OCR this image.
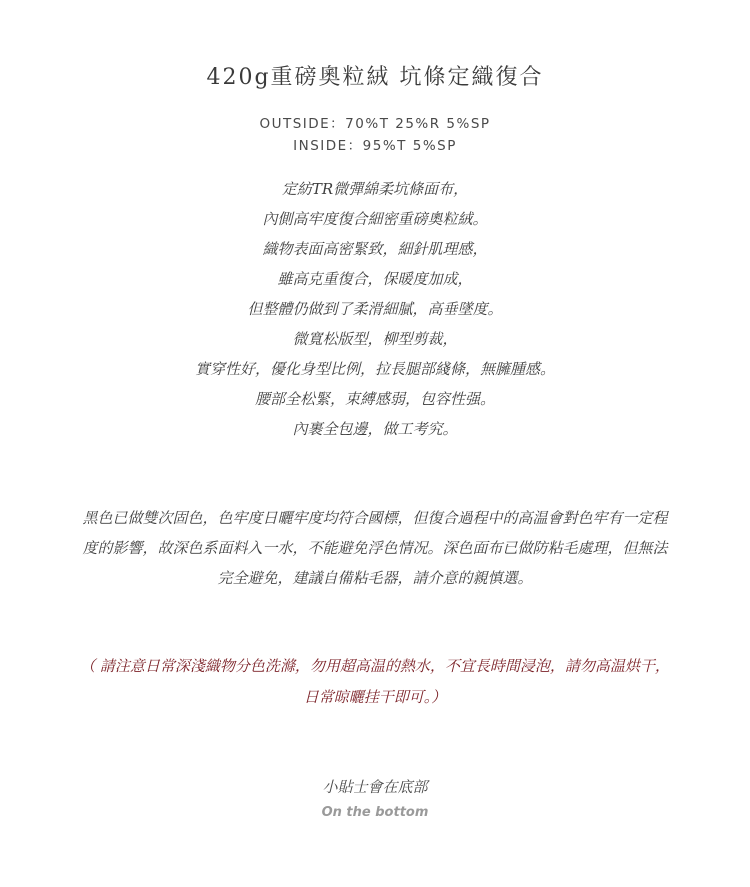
420g重磅奧粒絨 坑條定織復合
OUTSIDE：70%T 25%R 5%SP
INSIDE：95%T 5%SP
定紡TR微彈綿柔坑條面布，
內側高牢度復合細密重磅奧粒絨。
織物表面高密緊致，細針肌理感，
雖高克重復合，保暖度加成，
但整體仍做到了柔滑細膩，高垂墜度。
微寬松版型，柳型剪裁，
實穿性好，優化身型比例，拉長腿部綫條，無臃腫感。
腰部全松緊，束縛感弱，包容性强。
內裹全包邊，做工考究。
黑色已做雙次固色，色牢度日曬牢度均符合國標，但復合過程中的高温會對色牢有一定程
度的影響，故深色系面料入一水，不能避免浮色情况。深色面布已做防粘毛處理，但無法
完全避免，建議自備粘毛器，請介意的親慎選。
（ 請注意日常深淺織物分色洗滌，勿用超高温的熱水，不宜長時間浸泡，請勿高温烘干，
日常晾曬挂干即可。）
小貼士會在底部
On the bottom
